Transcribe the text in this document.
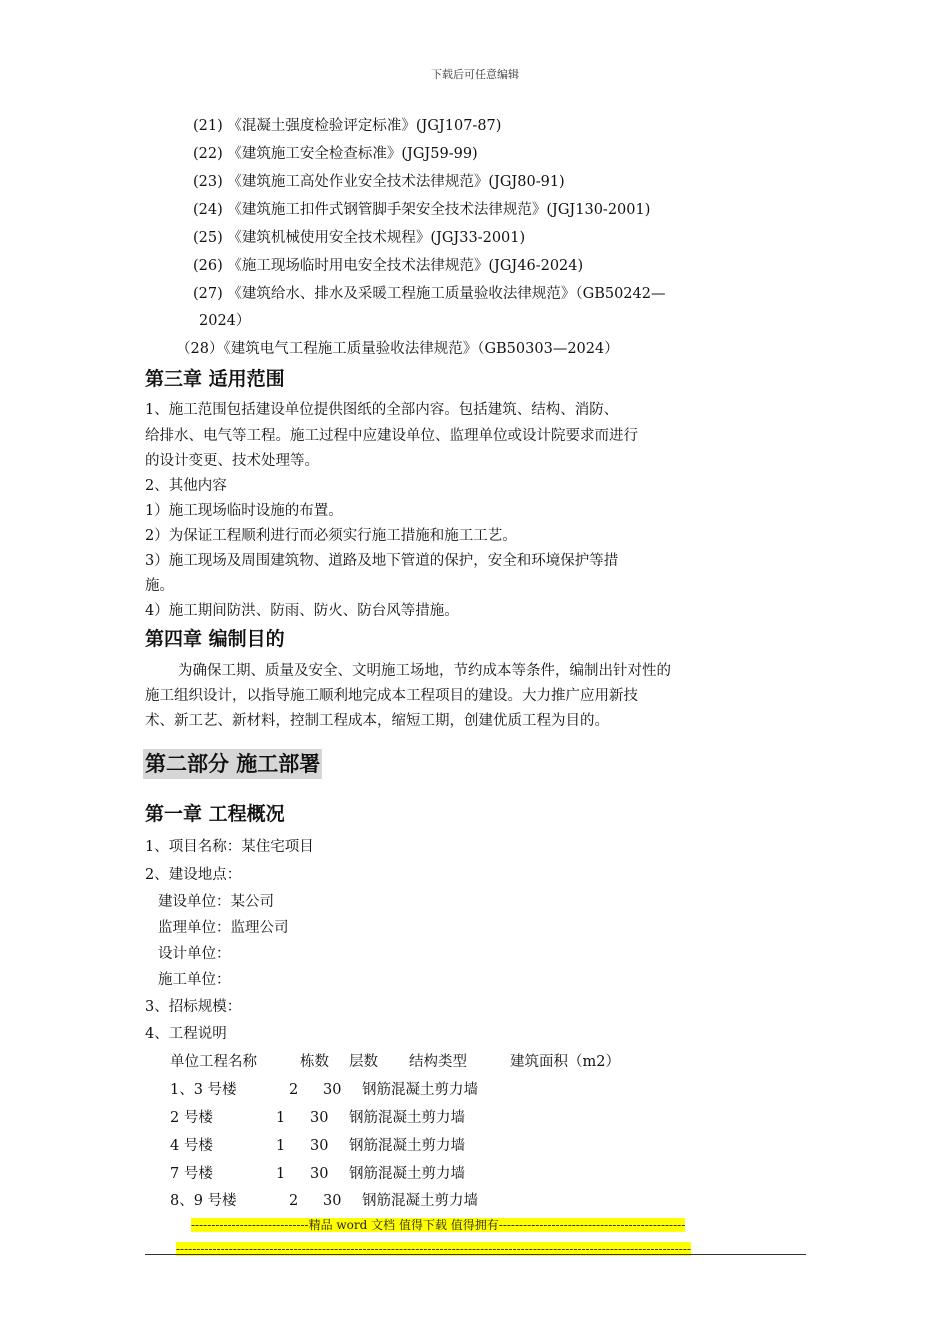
下载后可任意编辑
(21) 《混凝土强度检验评定标准》(JGJ107-87)
(22) 《建筑施工安全检查标准》(JGJ59-99)
(23) 《建筑施工高处作业安全技术法律规范》(JGJ80-91)
(24) 《建筑施工扣件式钢管脚手架安全技术法律规范》(JGJ130-2001)
(25) 《建筑机械使用安全技术规程》(JGJ33-2001)
(26) 《施工现场临时用电安全技术法律规范》(JGJ46-2024)
(27) 《建筑给水、排水及采暖工程施工质量验收法律规范》（GB50242—
2024）
（28）《建筑电气工程施工质量验收法律规范》（GB50303—2024）
第三章 适用范围
1、施工范围包括建设单位提供图纸的全部内容。包括建筑、结构、消防、
给排水、电气等工程。施工过程中应建设单位、监理单位或设计院要求而进行
的设计变更、技术处理等。
2、其他内容
1）施工现场临时设施的布置。
2）为保证工程顺利进行而必须实行施工措施和施工工艺。
3）施工现场及周围建筑物、道路及地下管道的保护，安全和环境保护等措
施。
4）施工期间防洪、防雨、防火、防台风等措施。
第四章 编制目的
为确保工期、质量及安全、文明施工场地，节约成本等条件，编制出针对性的
施工组织设计，以指导施工顺利地完成本工程项目的建设。大力推广应用新技
术、新工艺、新材料，控制工程成本，缩短工期，创建优质工程为目的。
第二部分 施工部署
第一章 工程概况
1、项目名称：某住宅项目
2、建设地点：
建设单位：某公司
监理单位：监理公司
设计单位：
施工单位：
3、招标规模：
4、工程说明
单位工程名称	栋数 层数 结构类型	建筑面积（m2）
1、3 号楼	2 30 钢筋混凝土剪力墙
2 号楼	1 30 钢筋混凝土剪力墙
4 号楼	1 30 钢筋混凝土剪力墙
7 号楼	1 30 钢筋混凝土剪力墙
8、9 号楼	2 30 钢筋混凝土剪力墙
-----------------------------精品 word 文档 值得下载 值得拥有----------------------------------------------
-------------------------------------------------------------------------------------------------------------------------------
